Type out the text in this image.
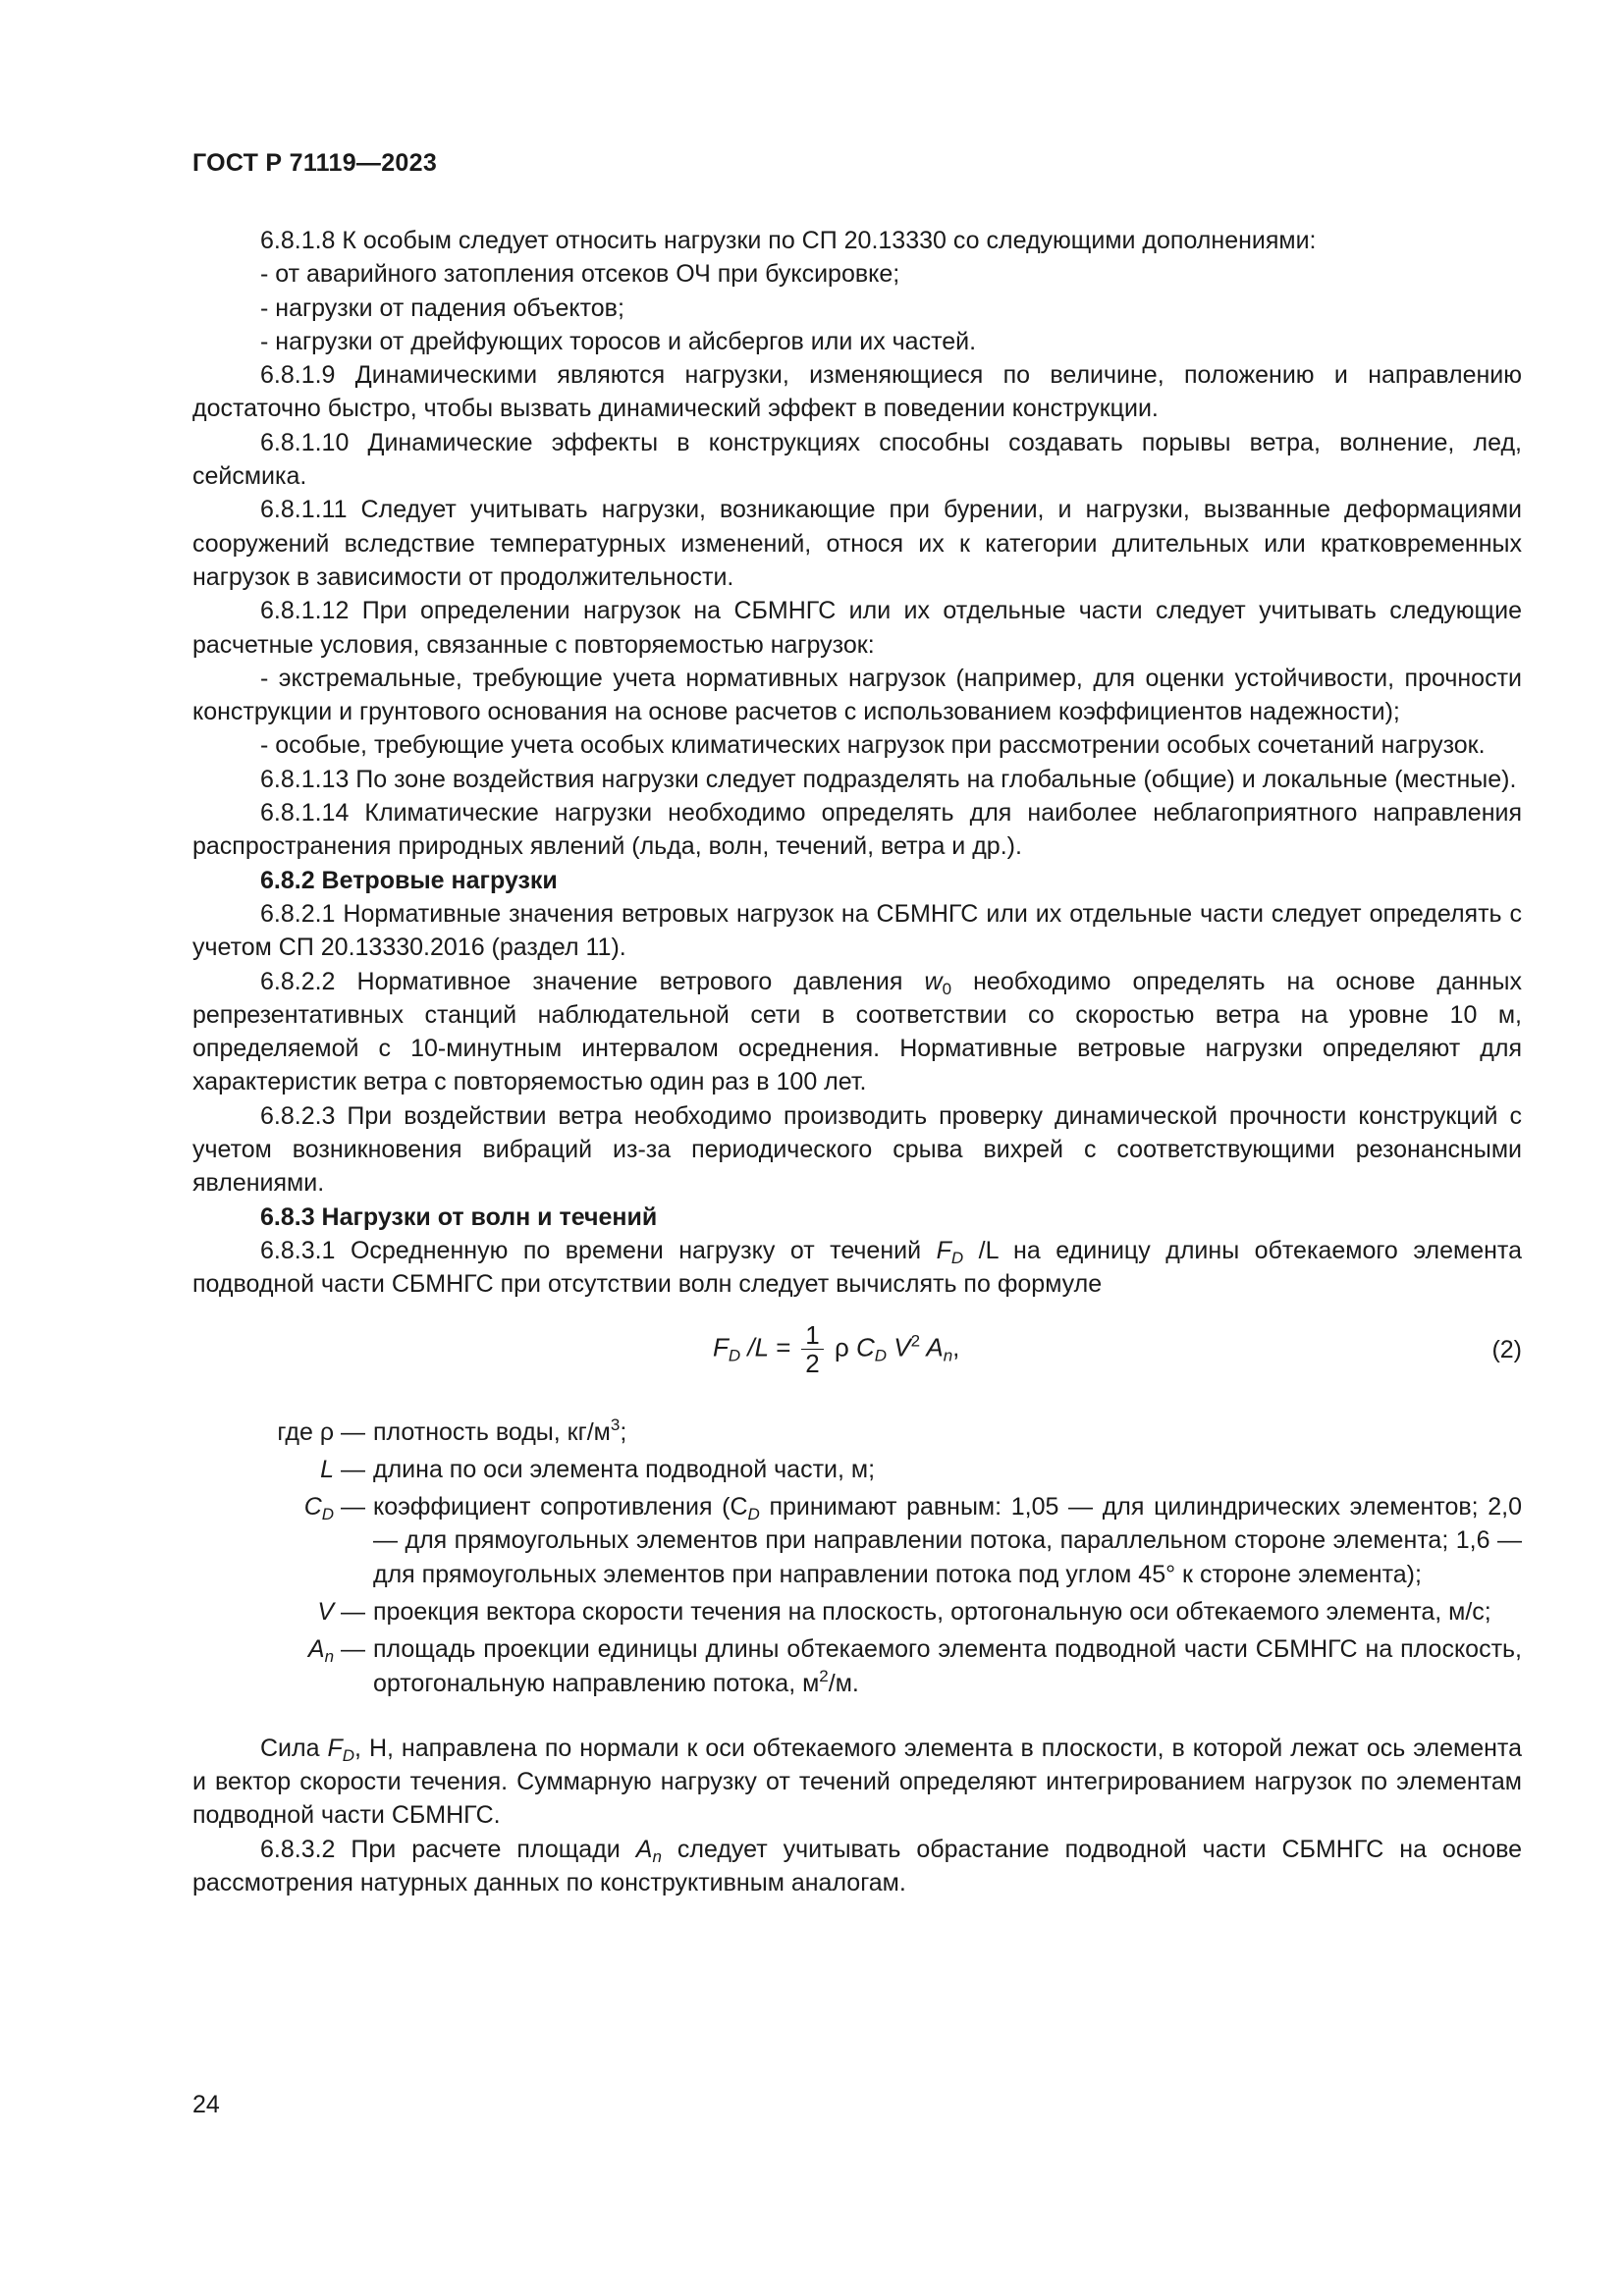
ГОСТ Р 71119—2023

6.8.1.8 К особым следует относить нагрузки по СП 20.13330 со следующими дополнениями:

- от аварийного затопления отсеков ОЧ при буксировке;

- нагрузки от падения объектов;

- нагрузки от дрейфующих торосов и айсбергов или их частей.

6.8.1.9 Динамическими являются нагрузки, изменяющиеся по величине, положению и направлению достаточно быстро, чтобы вызвать динамический эффект в поведении конструкции.

6.8.1.10 Динамические эффекты в конструкциях способны создавать порывы ветра, волнение, лед, сейсмика.

6.8.1.11 Следует учитывать нагрузки, возникающие при бурении, и нагрузки, вызванные деформациями сооружений вследствие температурных изменений, относя их к категории длительных или кратковременных нагрузок в зависимости от продолжительности.

6.8.1.12 При определении нагрузок на СБМНГС или их отдельные части следует учитывать следующие расчетные условия, связанные с повторяемостью нагрузок:

- экстремальные, требующие учета нормативных нагрузок (например, для оценки устойчивости, прочности конструкции и грунтового основания на основе расчетов с использованием коэффициентов надежности);

- особые, требующие учета особых климатических нагрузок при рассмотрении особых сочетаний нагрузок.

6.8.1.13 По зоне воздействия нагрузки следует подразделять на глобальные (общие) и локальные (местные).

6.8.1.14 Климатические нагрузки необходимо определять для наиболее неблагоприятного направления распространения природных явлений (льда, волн, течений, ветра и др.).

6.8.2 Ветровые нагрузки

6.8.2.1 Нормативные значения ветровых нагрузок на СБМНГС или их отдельные части следует определять с учетом СП 20.13330.2016 (раздел 11).

6.8.2.2 Нормативное значение ветрового давления $w_0$ необходимо определять на основе данных репрезентативных станций наблюдательной сети в соответствии со скоростью ветра на уровне 10 м, определяемой с 10-минутным интервалом осреднения. Нормативные ветровые нагрузки определяют для характеристик ветра с повторяемостью один раз в 100 лет.

6.8.2.3 При воздействии ветра необходимо производить проверку динамической прочности конструкций с учетом возникновения вибраций из-за периодического срыва вихрей с соответствующими резонансными явлениями.

6.8.3 Нагрузки от волн и течений

6.8.3.1 Осредненную по времени нагрузку от течений $F_D$ /L на единицу длины обтекаемого элемента подводной части СБМНГС при отсутствии волн следует вычислять по формуле

$F_D$ $/L = \frac{1}{2}$ ρ $C_D$ $V^2$ $A_n$,	(2)
где ρ — плотность воды, $кг/м^3$;
L — длина по оси элемента подводной части, м;
$C_D$ — коэффициент сопротивления ($C_D$ принимают равным: 1,05 — для цилиндрических элементов; 2,0 — для прямоугольных элементов при направлении потока, параллельном стороне элемента; 1,6 — для прямоугольных элементов при направлении потока под углом 45° к стороне элемента);
V — проекция вектора скорости течения на плоскость, ортогональную оси обтекаемого элемента, м/с;
$A_n$ — площадь проекции единицы длины обтекаемого элемента подводной части СБМНГС на плоскость, ортогональную направлению потока, $м^2/м$.

Сила $F_D$, Н, направлена по нормали к оси обтекаемого элемента в плоскости, в которой лежат ось элемента и вектор скорости течения. Суммарную нагрузку от течений определяют интегрированием нагрузок по элементам подводной части СБМНГС.

6.8.3.2 При расчете площади $A_n$ следует учитывать обрастание подводной части СБМНГС на основе рассмотрения натурных данных по конструктивным аналогам.

24
